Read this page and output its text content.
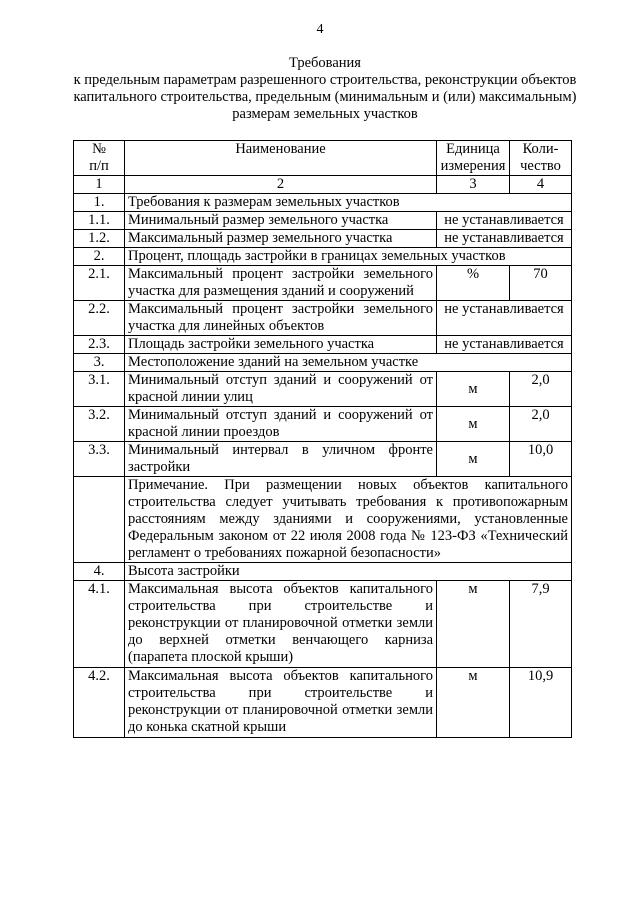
4
Требования
к предельным параметрам разрешенного строительства, реконструкции объектов капитального строительства, предельным (минимальным и (или) максимальным) размерам земельных участков
№ п/п	Наименование	Единица измерения	Коли-чество
1	2	3	4
1.	Требования к размерам земельных участков		
1.1.	Минимальный размер земельного участка	не устанавливается	
1.2.	Максимальный размер земельного участка	не устанавливается	
2.	Процент, площадь застройки в границах земельных участков		
2.1.	Максимальный процент застройки земельного участка для размещения зданий и сооружений	%	70
2.2.	Максимальный процент застройки земельного участка для линейных объектов	не устанавливается	
2.3.	Площадь застройки земельного участка	не устанавливается	
3.	Местоположение зданий на земельном участке		
3.1.	Минимальный отступ зданий и сооружений от красной линии улиц	м	2,0
3.2.	Минимальный отступ зданий и сооружений от красной линии проездов	м	2,0
3.3.	Минимальный интервал в уличном фронте застройки	м	10,0
	Примечание. При размещении новых объектов капитального строительства следует учитывать требования к противопожарным расстояниям между зданиями и сооружениями, установленные Федеральным законом от 22 июля 2008 года № 123-ФЗ «Технический регламент о требованиях пожарной безопасности»		
4.	Высота застройки		
4.1.	Максимальная высота объектов капитального строительства при строительстве и реконструкции от планировочной отметки земли до верхней отметки венчающего карниза (парапета плоской крыши)	м	7,9
4.2.	Максимальная высота объектов капитального строительства при строительстве и реконструкции от планировочной отметки земли до конька скатной крыши	м	10,9
